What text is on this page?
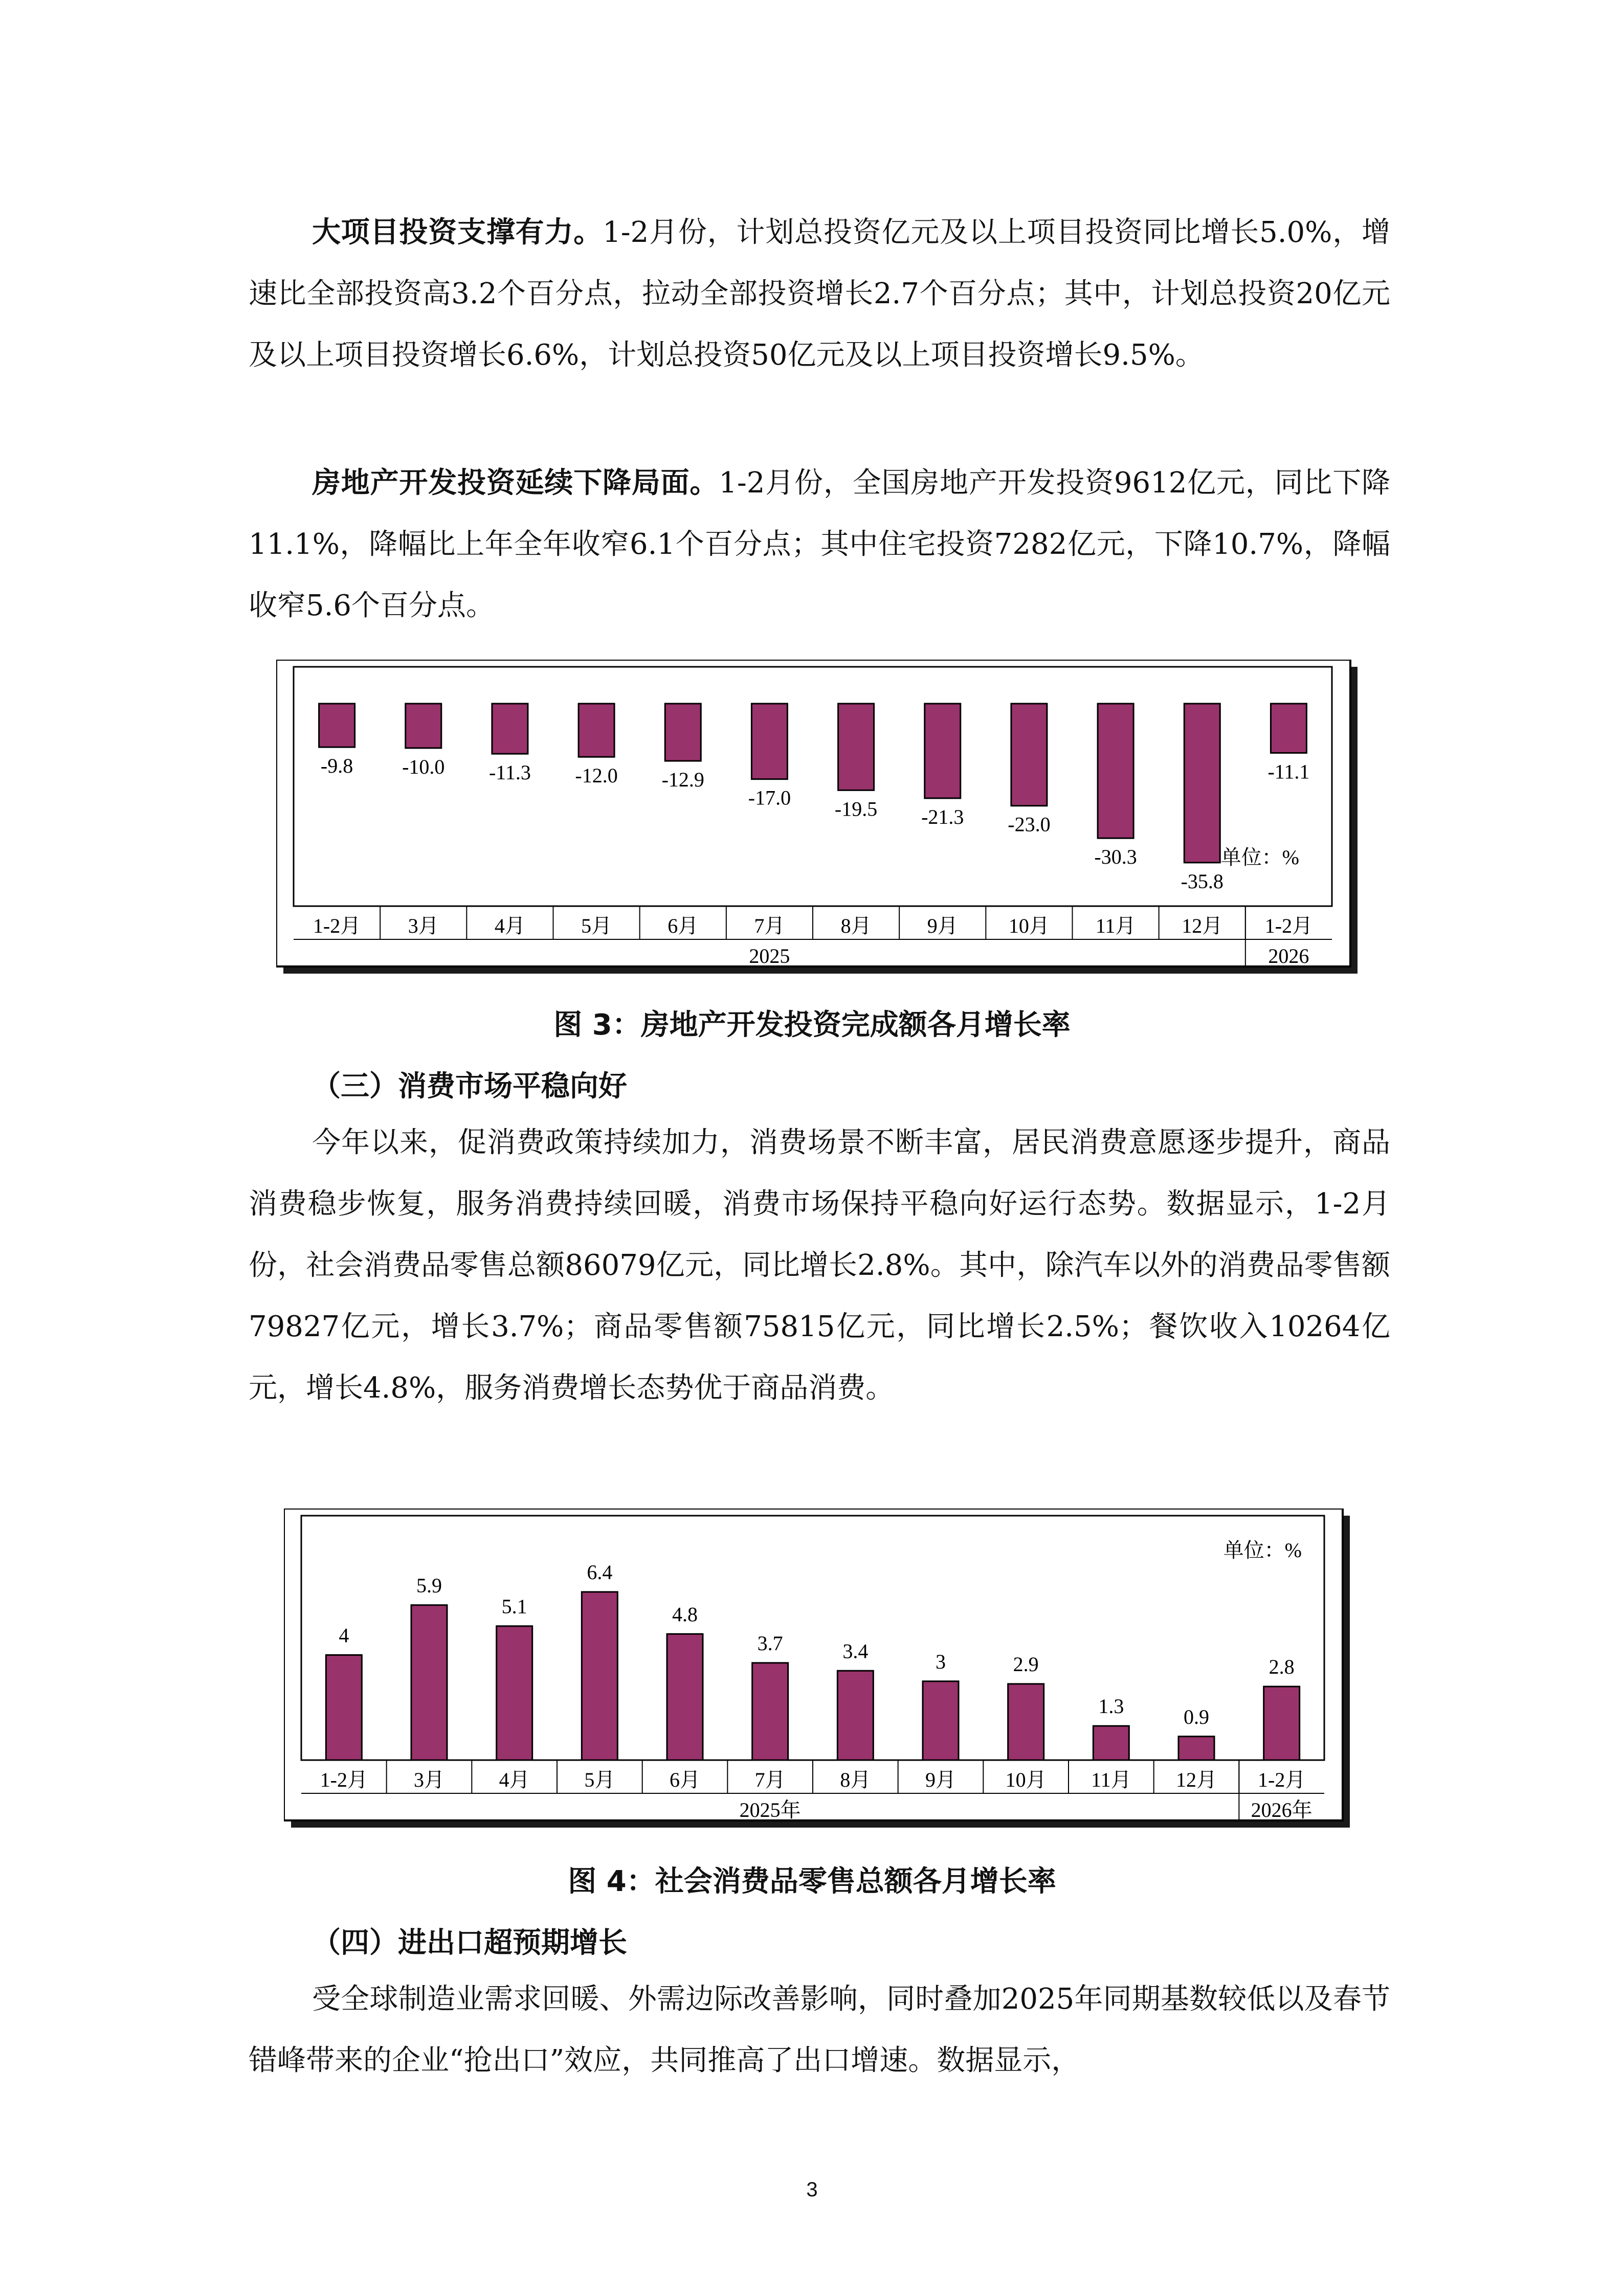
大项目投资支撑有力。1-2月份，计划总投资亿元及以上项目投资同比增长5.0%，增速比全部投资高3.2个百分点，拉动全部投资增长2.7个百分点；其中，计划总投资20亿元及以上项目投资增长6.6%，计划总投资50亿元及以上项目投资增长9.5%。

房地产开发投资延续下降局面。1-2月份，全国房地产开发投资9612亿元，同比下降11.1%，降幅比上年全年收窄6.1个百分点；其中住宅投资7282亿元，下降10.7%，降幅收窄5.6个百分点。

-9.8 -10.0 -11.3 -12.0 -12.9
-17.0 -19.5 -21.3 -23.0
-30.3
-35.8
-11.1
1-2月 3月	4月	5月	6月	7月	8月	9月 10月 11月 12月 1-2月
2025	2026
单位：%
图 3：房地产开发投资完成额各月增长率
（三）消费市场平稳向好

今年以来，促消费政策持续加力，消费场景不断丰富，居民消费意愿逐步提升，商品消费稳步恢复，服务消费持续回暖，消费市场保持平稳向好运行态势。数据显示，1-2月份，社会消费品零售总额86079亿元，同比增长2.8%。其中，除汽车以外的消费品零售额79827亿元，增长3.7%；商品零售额75815亿元，同比增长2.5%；餐饮收入10264亿元，增长4.8%，服务消费增长态势优于商品消费。

4
5.9
5.1
6.4
4.8
3.7	3.4	3	2.9
1.3	0.9
2.8
1-2月 3月	4月	5月	6月	7月	8月	9月 10月 11月 12月 1-2月
2025年	2026年
单位：%
图 4：社会消费品零售总额各月增长率
（四）进出口超预期增长

受全球制造业需求回暖、外需边际改善影响，同时叠加2025年同期基数较低以及春节错峰带来的企业“抢出口”效应，共同推高了出口增速。数据显示，

3
